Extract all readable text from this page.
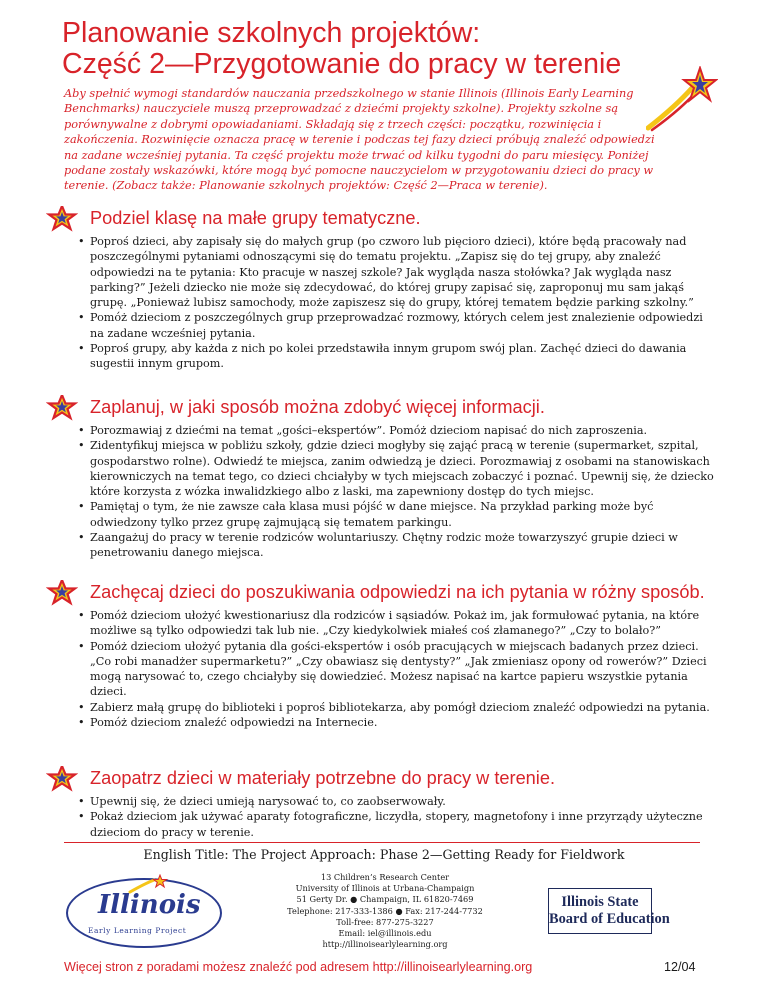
Planowanie szkolnych projektów:
Część 2—Przygotowanie do pracy w terenie

Aby spełnić wymogi standardów nauczania przedszkolnego w stanie Illinois (Illinois Early Learning Benchmarks) nauczyciele muszą przeprowadzać z dziećmi projekty szkolne). Projekty szkolne są porównywalne z dobrymi opowiadaniami. Składają się z trzech części: początku, rozwinięcia i zakończenia. Rozwinięcie oznacza pracę w terenie i podczas tej fazy dzieci próbują znaleźć odpowiedzi na zadane wcześniej pytania. Ta część projektu może trwać od kilku tygodni do paru miesięcy. Poniżej podane zostały wskazówki, które mogą być pomocne nauczycielom w przygotowaniu dzieci do pracy w terenie. (Zobacz także: Planowanie szkolnych projektów: Część 2—Praca w terenie).

Podziel klasę na małe grupy tematyczne.
• Poproś dzieci, aby zapisały się do małych grup (po czworo lub pięcioro dzieci), które będą pracowały nad poszczególnymi pytaniami odnoszącymi się do tematu projektu. „Zapisz się do tej grupy, aby znaleźć odpowiedzi na te pytania: Kto pracuje w naszej szkole? Jak wygląda nasza stołówka? Jak wygląda nasz parking?” Jeżeli dziecko nie może się zdecydować, do której grupy zapisać się, zaproponuj mu sam jakąś grupę. „Ponieważ lubisz samochody, może zapiszesz się do grupy, której tematem będzie parking szkolny.”
• Pomóż dzieciom z poszczególnych grup przeprowadzać rozmowy, których celem jest znalezienie odpowiedzi na zadane wcześniej pytania.
• Poproś grupy, aby każda z nich po kolei przedstawiła innym grupom swój plan. Zachęć dzieci do dawania sugestii innym grupom.
Zaplanuj, w jaki sposób można zdobyć więcej informacji.
• Porozmawiaj z dziećmi na temat „gości–ekspertów”. Pomóż dzieciom napisać do nich zaproszenia.
• Zidentyfikuj miejsca w pobliżu szkoły, gdzie dzieci mogłyby się zająć pracą w terenie (supermarket, szpital, gospodarstwo rolne). Odwiedź te miejsca, zanim odwiedzą je dzieci. Porozmawiaj z osobami na stanowiskach kierowniczych na temat tego, co dzieci chciałyby w tych miejscach zobaczyć i poznać. Upewnij się, że dziecko które korzysta z wózka inwalidzkiego albo z laski, ma zapewniony dostęp do tych miejsc.
• Pamiętaj o tym, że nie zawsze cała klasa musi pójść w dane miejsce. Na przykład parking może być odwiedzony tylko przez grupę zajmującą się tematem parkingu.
• Zaangażuj do pracy w terenie rodziców woluntariuszy. Chętny rodzic może towarzyszyć grupie dzieci w penetrowaniu danego miejsca.
Zachęcaj dzieci do poszukiwania odpowiedzi na ich pytania w różny sposób.
• Pomóż dzieciom ułożyć kwestionariusz dla rodziców i sąsiadów. Pokaż im, jak formułować pytania, na które możliwe są tylko odpowiedzi tak lub nie. „Czy kiedykolwiek miałeś coś złamanego?” „Czy to bolało?”
• Pomóż dzieciom ułożyć pytania dla gości-ekspertów i osób pracujących w miejscach badanych przez dzieci. „Co robi manadżer supermarketu?” „Czy obawiasz się dentysty?” „Jak zmieniasz opony od rowerów?” Dzieci mogą narysować to, czego chciałyby się dowiedzieć. Możesz napisać na kartce papieru wszystkie pytania dzieci.
• Zabierz małą grupę do biblioteki i poproś bibliotekarza, aby pomógł dzieciom znaleźć odpowiedzi na pytania.
• Pomóż dzieciom znaleźć odpowiedzi na Internecie.
Zaopatrz dzieci w materiały potrzebne do pracy w terenie.
• Upewnij się, że dzieci umieją narysować to, co zaobserwowały.
• Pokaż dzieciom jak używać aparaty fotograficzne, liczydła, stopery, magnetofony i inne przyrządy użyteczne dzieciom do pracy w terenie.

English Title: The Project Approach: Phase 2—Getting Ready for Fieldwork

Illinois
Early Learning Project
13 Children’s Research Center
University of Illinois at Urbana-Champaign
51 Gerty Dr. ● Champaign, IL 61820-7469
Telephone: 217-333-1386 ● Fax: 217-244-7732
Toll-free: 877-275-3227
Email: iel@illinois.edu
http://illinoisearlylearning.org
Illinois State
Board of Education

Więcej stron z poradami możesz znaleźć pod adresem http://illinoisearlylearning.org	12/04
